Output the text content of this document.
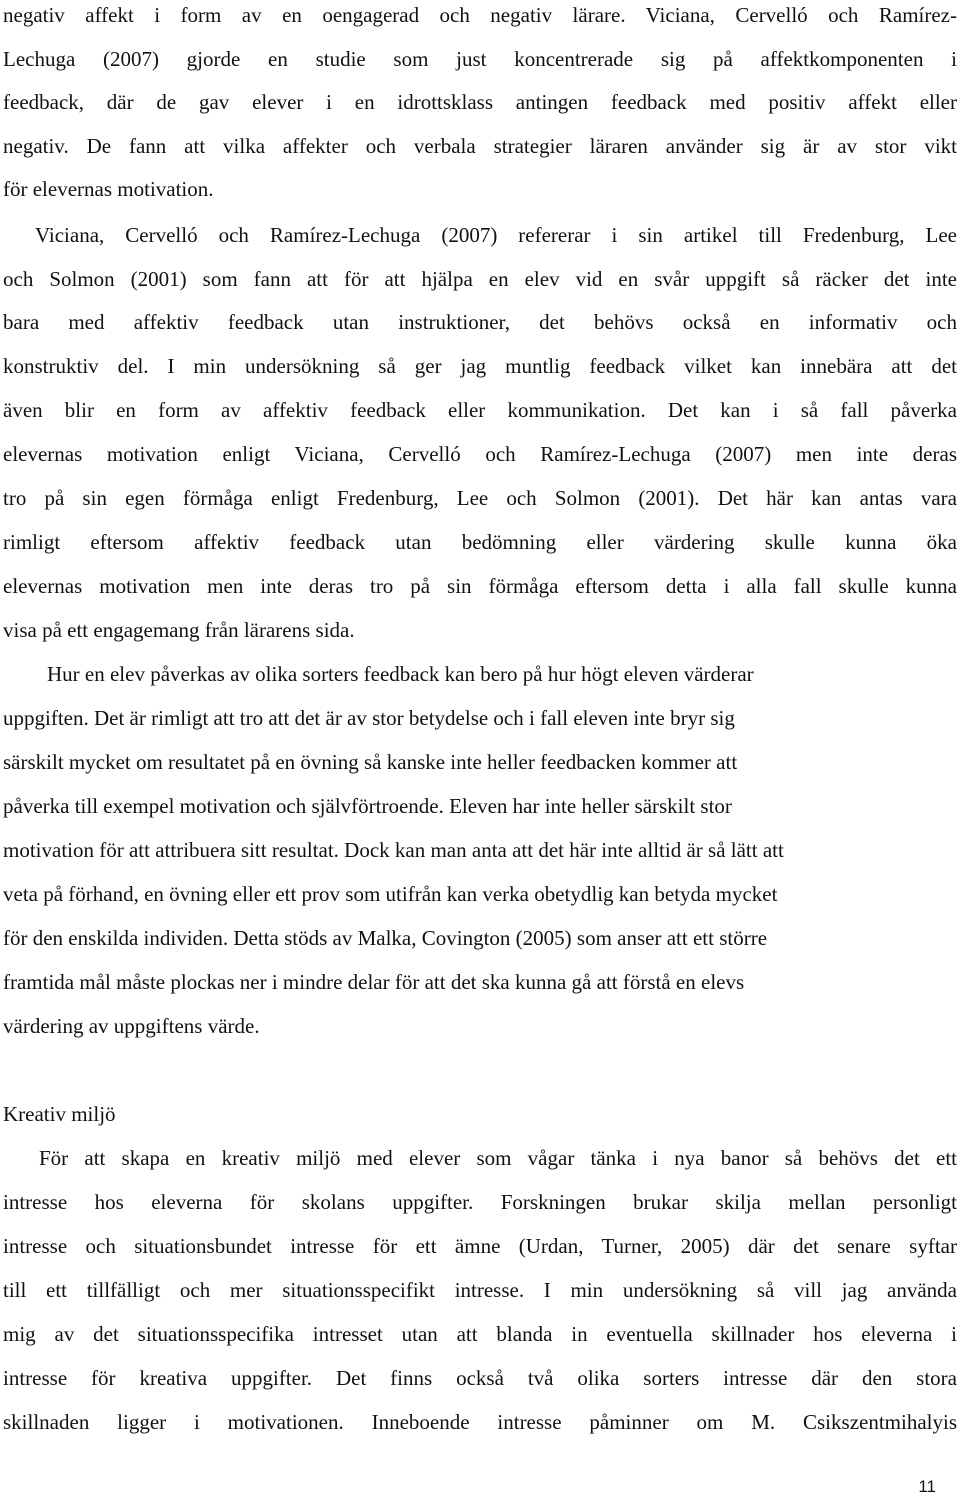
negativ affekt i form av en oengagerad och negativ lärare. Viciana, Cervelló och Ramírez-
Lechuga (2007) gjorde en studie som just koncentrerade sig på affektkomponenten i
feedback, där de gav elever i en idrottsklass antingen feedback med positiv affekt eller
negativ. De fann att vilka affekter och verbala strategier läraren använder sig är av stor vikt
för elevernas motivation.
Viciana, Cervelló och Ramírez-Lechuga (2007) refererar i sin artikel till Fredenburg, Lee
och Solmon (2001) som fann att för att hjälpa en elev vid en svår uppgift så räcker det inte
bara med affektiv feedback utan instruktioner, det behövs också en informativ och
konstruktiv del. I min undersökning så ger jag muntlig feedback vilket kan innebära att det
även blir en form av affektiv feedback eller kommunikation. Det kan i så fall påverka
elevernas motivation enligt Viciana, Cervelló och Ramírez-Lechuga (2007) men inte deras
tro på sin egen förmåga enligt Fredenburg, Lee och Solmon (2001). Det här kan antas vara
rimligt eftersom affektiv feedback utan bedömning eller värdering skulle kunna öka
elevernas motivation men inte deras tro på sin förmåga eftersom detta i alla fall skulle kunna
visa på ett engagemang från lärarens sida.
Hur en elev påverkas av olika sorters feedback kan bero på hur högt eleven värderar
uppgiften. Det är rimligt att tro att det är av stor betydelse och i fall eleven inte bryr sig
särskilt mycket om resultatet på en övning så kanske inte heller feedbacken kommer att
påverka till exempel motivation och självförtroende. Eleven har inte heller särskilt stor
motivation för att attribuera sitt resultat. Dock kan man anta att det här inte alltid är så lätt att
veta på förhand, en övning eller ett prov som utifrån kan verka obetydlig kan betyda mycket
för den enskilda individen. Detta stöds av Malka, Covington (2005) som anser att ett större
framtida mål måste plockas ner i mindre delar för att det ska kunna gå att förstå en elevs
värdering av uppgiftens värde.
Kreativ miljö
För att skapa en kreativ miljö med elever som vågar tänka i nya banor så behövs det ett
intresse hos eleverna för skolans uppgifter. Forskningen brukar skilja mellan personligt
intresse och situationsbundet intresse för ett ämne (Urdan, Turner, 2005) där det senare syftar
till ett tillfälligt och mer situationsspecifikt intresse. I min undersökning så vill jag använda
mig av det situationsspecifika intresset utan att blanda in eventuella skillnader hos eleverna i
intresse för kreativa uppgifter. Det finns också två olika sorters intresse där den stora
skillnaden ligger i motivationen. Inneboende intresse påminner om M. Csikszentmihalyis
11
